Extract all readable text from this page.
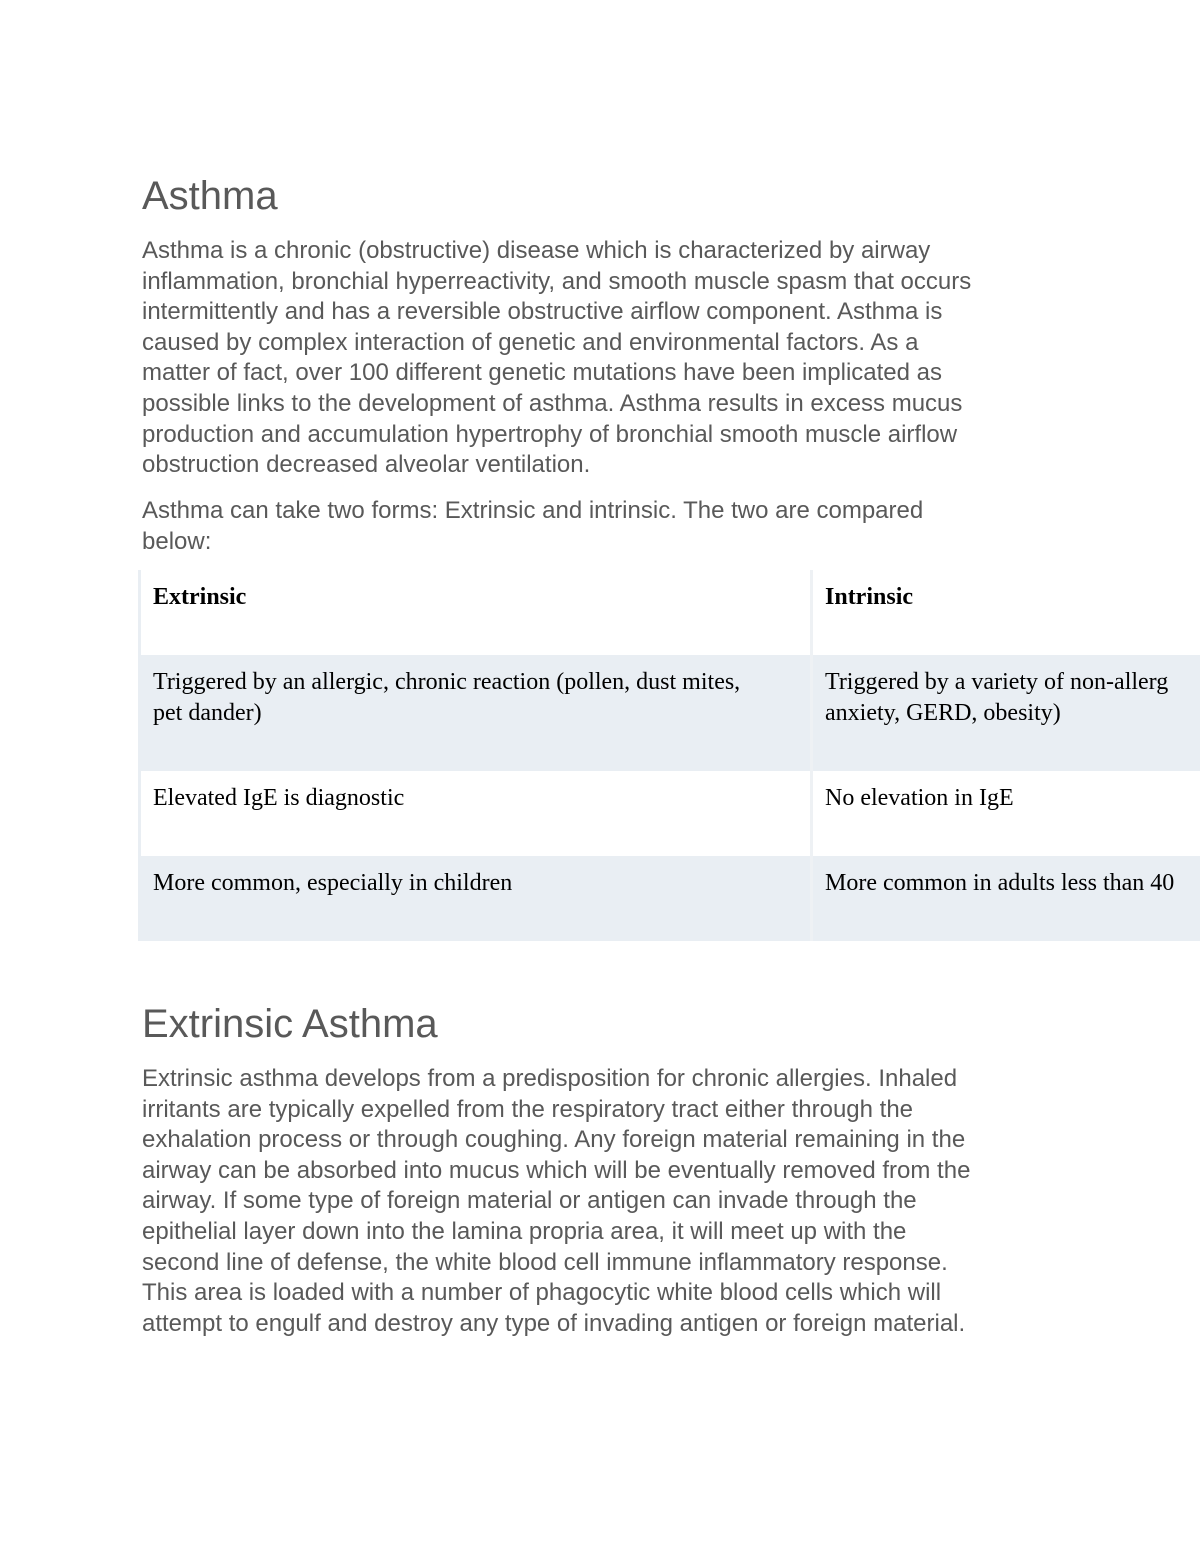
Asthma

Asthma is a chronic (obstructive) disease which is characterized by airway
inflammation, bronchial hyperreactivity, and smooth muscle spasm that occurs
intermittently and has a reversible obstructive airflow component. Asthma is
caused by complex interaction of genetic and environmental factors. As a
matter of fact, over 100 different genetic mutations have been implicated as
possible links to the development of asthma. Asthma results in excess mucus
production and accumulation hypertrophy of bronchial smooth muscle airflow
obstruction decreased alveolar ventilation.

Asthma can take two forms: Extrinsic and intrinsic. The two are compared
below:

Extrinsic	Intrinsic
Triggered by an allergic, chronic reaction (pollen, dust mites,
pet dander)	Triggered by a variety of non-allerg
anxiety, GERD, obesity)
Elevated IgE is diagnostic	No elevation in IgE
More common, especially in children	More common in adults less than 40
Extrinsic Asthma

Extrinsic asthma develops from a predisposition for chronic allergies. Inhaled
irritants are typically expelled from the respiratory tract either through the
exhalation process or through coughing. Any foreign material remaining in the
airway can be absorbed into mucus which will be eventually removed from the
airway. If some type of foreign material or antigen can invade through the
epithelial layer down into the lamina propria area, it will meet up with the
second line of defense, the white blood cell immune inflammatory response.
This area is loaded with a number of phagocytic white blood cells which will
attempt to engulf and destroy any type of invading antigen or foreign material.
